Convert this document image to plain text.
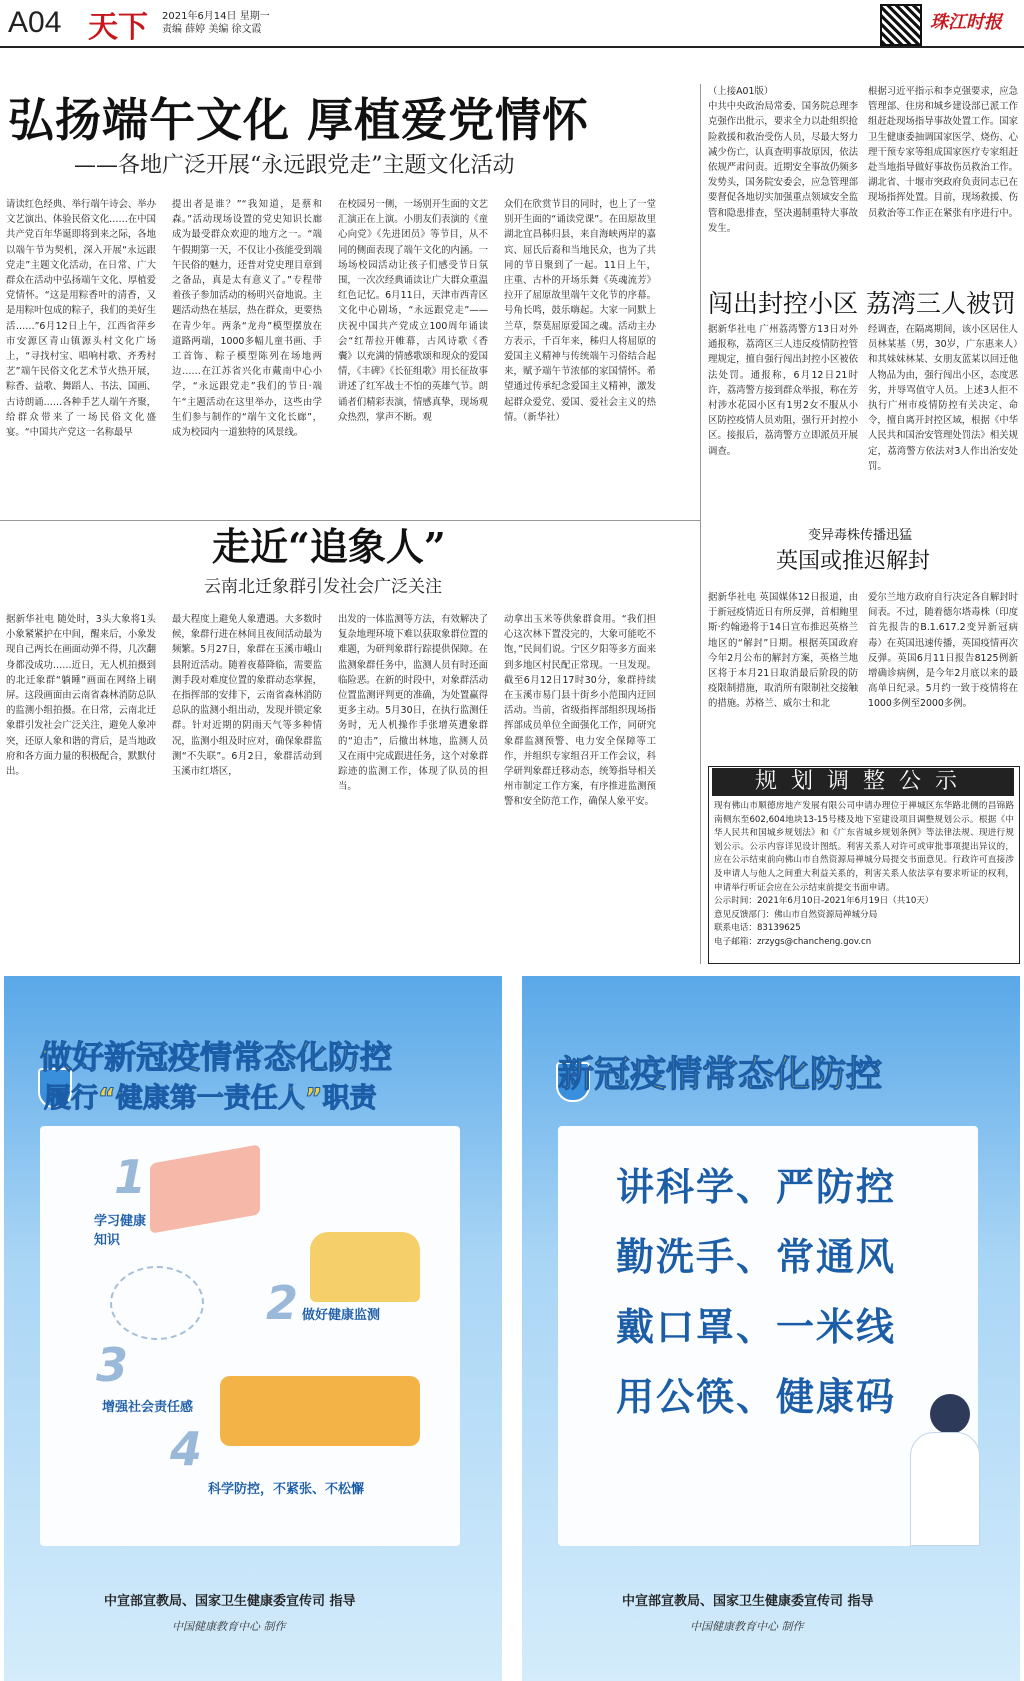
A04 天下 2021年6月14日 星期一
责编 薛婷 美编 徐文霞	珠江时报
弘扬端午文化 厚植爱党情怀
——各地广泛开展“永远跟党走”主题文化活动
请读红色经典、举行端午诗会、举办文艺演出、体验民俗文化……在中国共产党百年华诞即将到来之际，各地以端午节为契机，深入开展“永远跟党走”主题文化活动，在日常、广大群众在活动中弘扬端午文化、厚植爱党情怀。“这是用粽香叶的清香，又是用粽叶包成的粽子，我们的美好生活……”6月12日上午，江西省萍乡市安源区青山镇源头村文化广场上，“寻找村宝、唱响村歌、齐秀村艺”端午民俗文化艺术节火热开展，粽香、益歌、舞蹈人、书法、国画、古诗朗诵……各种手艺人端午齐聚，给群众带来了一场民俗文化盛宴。“中国共产党这一名称最早
提出者是谁？”“我知道，是蔡和森。”活动现场设置的党史知识长廊成为最受群众欢迎的地方之一。“端午假期第一天，不仅让小孩能受到端午民俗的魅力，还普对党史理目章到之备品，真是太有意义了。”专程带着孩子参加活动的杨明兴奋地说。主题活动热在基层，热在群众，更要热在青少年。两条“龙舟”模型摆放在道路两端，1000多幅儿童书画、手工首饰、粽子模型陈列在场地两边……在江苏省兴化市戴南中心小学，“永远跟党走”我们的节日·端午“主题活动在这里举办，这些由学生们参与制作的“端午文化长廊”，成为校园内一道独特的风景线。
在校园另一侧，一场别开生面的文艺汇演正在上演。小朋友们表演的《童心向党》《先进团员》等节目，从不同的侧面表现了端午文化的内涵。一场场校园活动让孩子们感受节日氛围，一次次经典诵读让广大群众重温红色记忆。6月11日，天津市西青区文化中心剧场，“永远跟党走”——庆祝中国共产党成立100周年诵读会“红帮拉开帷幕，古风诗歌《香囊》以充满的情感歌颂和现众的爱国情，《丰碑》《长征组歌》用长征故事讲述了红军战士不怕的英雄气节。朗诵者们精彩表演，情感真挚，现场观众热烈，掌声不断。观
众们在欣赏节目的同时，也上了一堂别开生面的“诵读党课”。在田原故里湖北宜昌秭归县，来自海峡两岸的嘉宾、屈氏后裔和当地民众，也为了共同的节日聚到了一起。11日上午，庄重、古朴的开场乐舞《英魂流芳》拉开了屈原故里端午文化节的序幕。号角长鸣，鼓乐嗨起。大家一同默上兰草，祭莫屈原爱国之魂。活动主办方表示，千百年来，秭归人将屈原的爱国主义精神与传统端午习俗结合起来，赋予端午节浓郁的家国情怀。希望通过传承纪念爱国主义精神，激发起群众爱党、爱国、爱社会主义的热情。（新华社）
（上接A01版）
中共中央政治局常委、国务院总理李克强作出批示，要求全力以赴组织抢险救援和救治受伤人员，尽最大努力减少伤亡，认真查明事故原因，依法依规严肃问责。近期安全事故仍频多发势头，国务院安委会，应急管理部要督促各地切实加强重点领域安全监管和隐患排查，坚决遏制重特大事故发生。
根据习近平指示和李克强要求，应急管理部、住房和城乡建设部已派工作组赶赴现场指导事故处置工作。国家卫生健康委抽调国家医学、烧伤、心理干预专家等组成国家医疗专家组赶赴当地指导做好事故伤员救治工作。湖北省、十堰市突政府负责同志已在现场指挥处置。目前，现场救援、伤员救治等工作正在紧张有序进行中。
闯出封控小区 荔湾三人被罚
据新华社电 广州荔湾警方13日对外通报称，荔湾区三人违反疫情防控管理规定，擅自强行闯出封控小区被依法处罚。通报称，6月12日21时许，荔湾警方接到群众举报，称在芳村涉水花园小区有1男2女不服从小区防控疫情人员劝阻，强行开封控小区。接报后，荔湾警方立即派员开展调查。
经调查，在隔离期间，该小区居住人员林某基（男，30岁，广东惠来人）和其妹妹林某、女朋友蓝某以回迁他人物品为由，强行闯出小区，态度恶劣，并辱骂值守人员。上述3人拒不执行广州市疫情防控有关决定、命令，擅自离开封控区域，根据《中华人民共和国治安管理处罚法》相关规定，荔湾警方依法对3人作出治安处罚。
走近“追象人”
云南北迁象群引发社会广泛关注
据新华社电 随处时，3头大象将1头小象紧紧护在中间，醒来后，小象发现自己两长在画面动弹不得，几次翻身都没成功……近日，无人机拍摄到的北迁象群“躺睡”画面在网络上刷屏。这段画面由云南省森林消防总队的监测小组拍摄。在日常，云南北迁象群引发社会广泛关注，避免人象冲突，还原人象和谐的背后，是当地政府和各方面力量的积极配合，默默付出。
最大程度上避免人象遭遇。大多数时候，象群行进在林间且夜间活动最为频繁。5月27日，象群在玉溪市峨山县附近活动。随着夜幕降临，需要监测手段对难度位置的象群动态掌握，在指挥部的安排下，云南省森林消防总队的监测小组出动，发现并锁定象群。针对近期的阴雨天气等多种情况，监测小组及时应对，确保象群监测“不失联”。6月2日，象群活动到玉溪市红塔区，
出发的一体监测等方法，有效解决了复杂地理环境下难以获取象群位置的难题，为研判象群行踪提供保障。在监测象群任务中，监测人员有时还面临险恶。在新的时段中，对象群活动位置监测评判更的准确，为处置赢得更多主动。5月30日，在执行监测任务时，无人机操作手张增英遭象群的“迫击”，后撤出林地，监测人员又在雨中完成跟进任务，这个对象群踪迹的监测工作，体现了队员的担当。
动拿出玉米等供象群食用。“我们担心这次林下置没完的，大象可能吃不饱，”民间们说。宁区夕阳等多方面来到多地区村民配正常现。一旦发现。截至6月12日17时30分，象群持续在玉溪市易门县十街乡小范围内迂回活动。当前，省级指挥部组织现场指挥部成员单位全面强化工作，同研究象群监测预警、电力安全保障等工作，并组织专家组召开工作会议，科学研判象群迁移动态，统筹指导相关州市制定工作方案，有序推进监测预警和安全防范工作，确保人象平安。
变异毒株传播迅猛
英国或推迟解封
据新华社电 英国媒体12日报道，由于新冠疫情近日有所反弹，首相鲍里斯·约翰逊将于14日宣布推迟英格兰地区的“解封”日期。根据英国政府今年2月公布的解封方案，英格兰地区将于本月21日取消最后阶段的防疫限制措施，取消所有限制社交接触的措施。苏格兰、威尔士和北
爱尔兰地方政府自行决定各自解封时间表。不过，随着德尔塔毒株（印度首先报告的B.1.617.2变异新冠病毒）在英国迅速传播，英国疫情再次反弹。英国6月11日报告8125例新增确诊病例，是今年2月底以来的最高单日纪录。5月约一致于疫情将在1000多例至2000多例。
规划调整公示
现有佛山市顺德房地产发展有限公司申请办理位于禅城区东华路北侧的昌锦路南侧东至602,604地块13-15号楼及地下室建设项目调整规划公示。根据《中华人民共和国城乡规划法》和《广东省城乡规划条例》等法律法规、现进行规划公示。公示内容详见设计图纸。利害关系人对许可或审批事项提出异议的，应在公示结束前向佛山市自然资源局禅城分局提交书面意见。行政许可直接涉及申请人与他人之间重大利益关系的，利害关系人依法享有要求听证的权利，申请举行听证会应在公示结束前提交书面申请。
公示时间：2021年6月10日-2021年6月19日（共10天）
意见反馈部门：佛山市自然资源局禅城分局
联系电话：83139625
电子邮箱：zrzygs@chancheng.gov.cn
做好新冠疫情常态化防控
履行“健康第一责任人”职责
1
2
3
4
学习健康知识
做好健康监测
增强社会责任感
科学防控，不紧张、不松懈
中宣部宣教局、国家卫生健康委宣传司 指导
中国健康教育中心 制作
新冠疫情常态化防控
讲科学、严防控
勤洗手、常通风
戴口罩、一米线
用公筷、健康码
中宣部宣教局、国家卫生健康委宣传司 指导
中国健康教育中心 制作
